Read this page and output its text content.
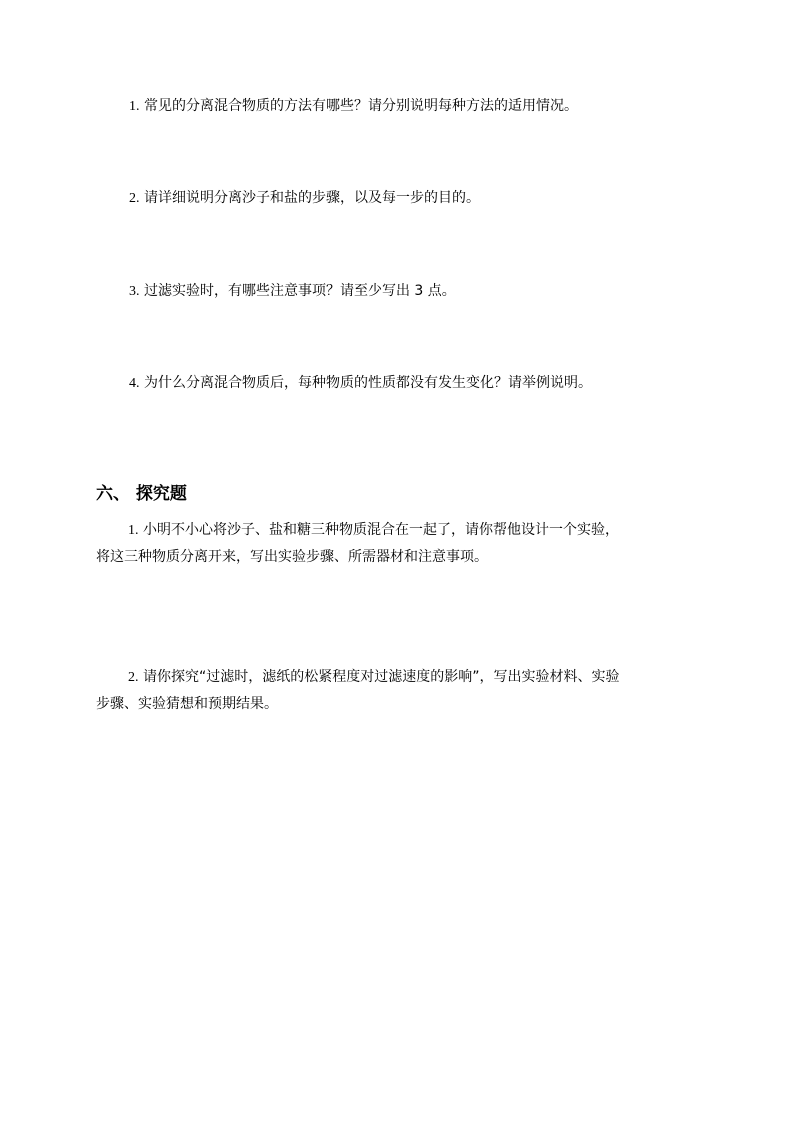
1. 常见的分离混合物质的方法有哪些？请分别说明每种方法的适用情况。
2. 请详细说明分离沙子和盐的步骤，以及每一步的目的。
3. 过滤实验时，有哪些注意事项？请至少写出 3 点。
4. 为什么分离混合物质后，每种物质的性质都没有发生变化？请举例说明。
六、 探究题
1. 小明不小心将沙子、盐和糖三种物质混合在一起了，请你帮他设计一个实验，
将这三种物质分离开来，写出实验步骤、所需器材和注意事项。
2. 请你探究“过滤时，滤纸的松紧程度对过滤速度的影响”，写出实验材料、实验
步骤、实验猜想和预期结果。
